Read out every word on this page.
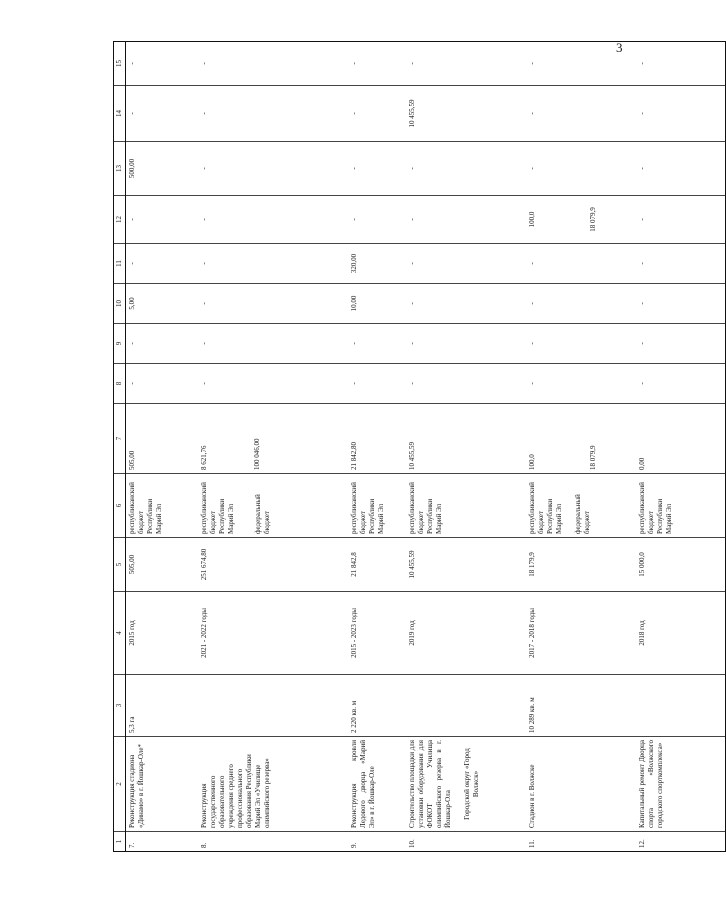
3
1	2	3	4	5	6	7	8	9	10	11	12	13	14	15
7.	Реконструкция стадиона «Динамо» в г. Йошкар-Оле*	5,3 га	2015 год	505,00	республиканский бюджет Республики Марий Эл	505,00	-	-	5,00	-	-	500,00	-	-
8.	Реконструкция государственного образовательного учреждения среднего профессионального образования Республики Марий Эл «Училище олимпийского резерва»		2021 - 2022 годы	251 674,80	республиканский бюджет Республики Марий Эл федеральный бюджет	8 621,76 100 046,00	-	-	-	-	-	-	-	-
9.	Реконструкция кровли Ледового дворца «Марий Эл» в г. Йошкар-Оле	2 220 кв. м	2015 - 2023 годы	21 842,8	республиканский бюджет Республики Марий Эл	21 842,80	-	-	10,00	320,00	-	-	-	-
10.	Строительство площадки для установки оборудования для ФОКОТ Училища олимпийского резерва в г. Йошкар-Ола Городской округ «Город Волжск»		2019 год	10 455,59	республиканский бюджет Республики Марий Эл	10 455,59	-	-	-	-	-	-	10 455,59	-
11.	Стадион в г. Волжске	10 289 кв. м	2017 - 2018 годы	18 179,9	республиканский бюджет Республики Марий Эл федеральный бюджет	100,0 18 079,9	-	-	-	-	100,0 18 079,9	-	-	-
12.	Капитальный ремонт Дворца спорта «Волжского городского спорткомплекса»		2018 год	15 000,0	республиканский бюджет Республики Марий Эл	0,00	-	-	-	-	-	-	-	-
